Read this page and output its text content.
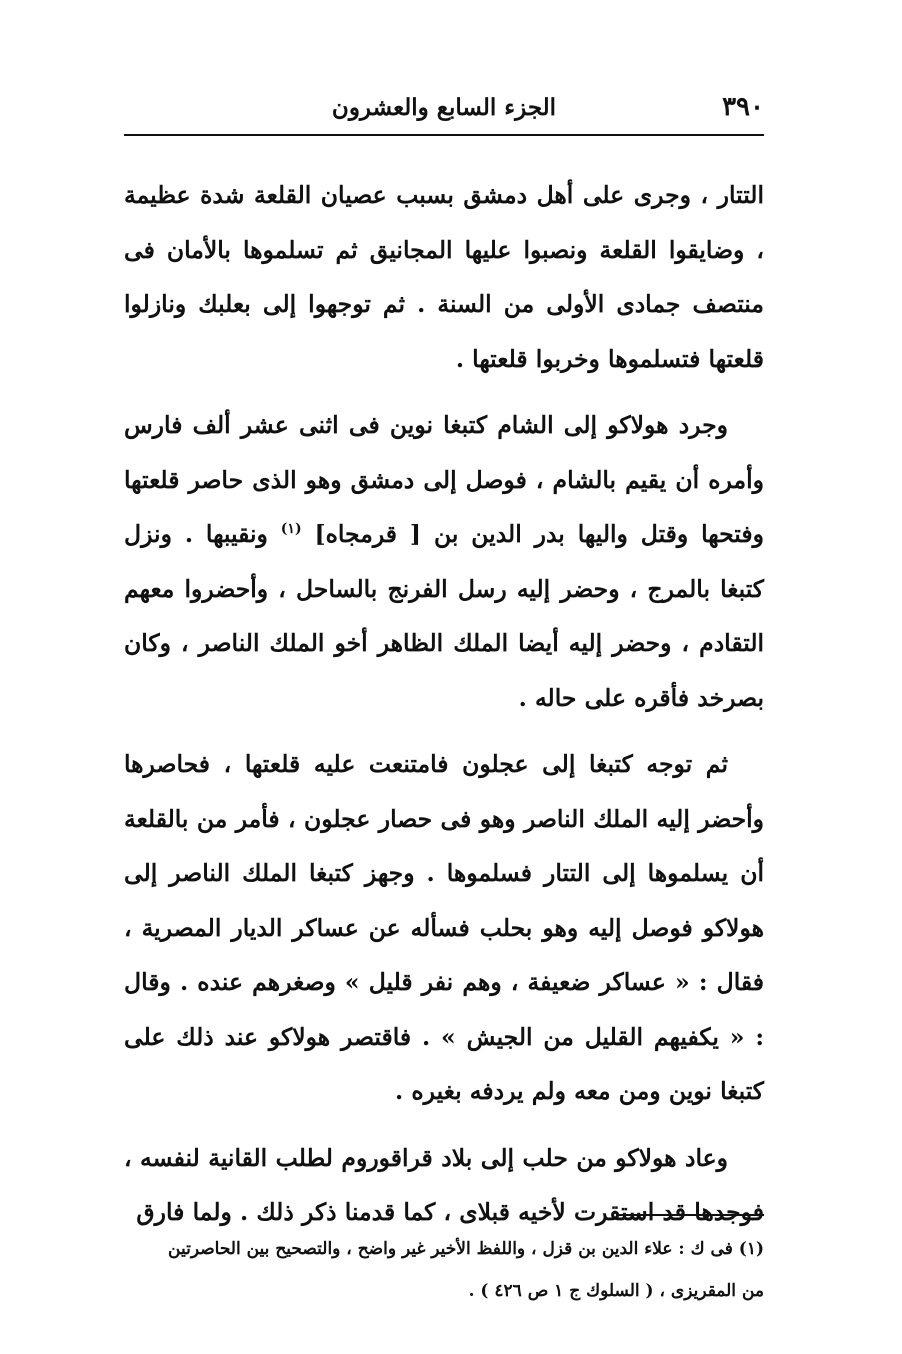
٣٩٠
الجزء السابع والعشرون

التتار ، وجرى على أهل دمشق بسبب عصيان القلعة شدة عظيمة ، وضايقوا القلعة ونصبوا عليها المجانيق ثم تسلموها بالأمان فى منتصف جمادى الأولى من السنة . ثم توجهوا إلى بعلبك ونازلوا قلعتها فتسلموها وخربوا قلعتها .

وجرد هولاكو إلى الشام كتبغا نوين فى اثنى عشر ألف فارس وأمره أن يقيم بالشام ، فوصل إلى دمشق وهو الذى حاصر قلعتها وفتحها وقتل واليها بدر الدين بن [ قرمجاه] $^{(١)}$ ونقيبها . ونزل كتبغا بالمرج ، وحضر إليه رسل الفرنج بالساحل ، وأحضروا معهم التقادم ، وحضر إليه أيضا الملك الظاهر أخو الملك الناصر ، وكان بصرخد فأقره على حاله .

ثم توجه كتبغا إلى عجلون فامتنعت عليه قلعتها ، فحاصرها وأحضر إليه الملك الناصر وهو فى حصار عجلون ، فأمر من بالقلعة أن يسلموها إلى التتار فسلموها . وجهز كتبغا الملك الناصر إلى هولاكو فوصل إليه وهو بحلب فسأله عن عساكر الديار المصرية ، فقال : « عساكر ضعيفة ، وهم نفر قليل » وصغرهم عنده . وقال : « يكفيهم القليل من الجيش » . فاقتصر هولاكو عند ذلك على كتبغا نوين ومن معه ولم يردفه بغيره .

وعاد هولاكو من حلب إلى بلاد قراقوروم لطلب القانية لنفسه ، فوجدها قد استقرت لأخيه قبلاى ، كما قدمنا ذكر ذلك . ولما فارق

(١) فى ك : علاء الدين بن قزل ، واللفظ الأخير غير واضح ، والتصحيح بين الحاصرتين
من المقريزى ، ( السلوك ج ١ ص ٤٢٦ ) .
